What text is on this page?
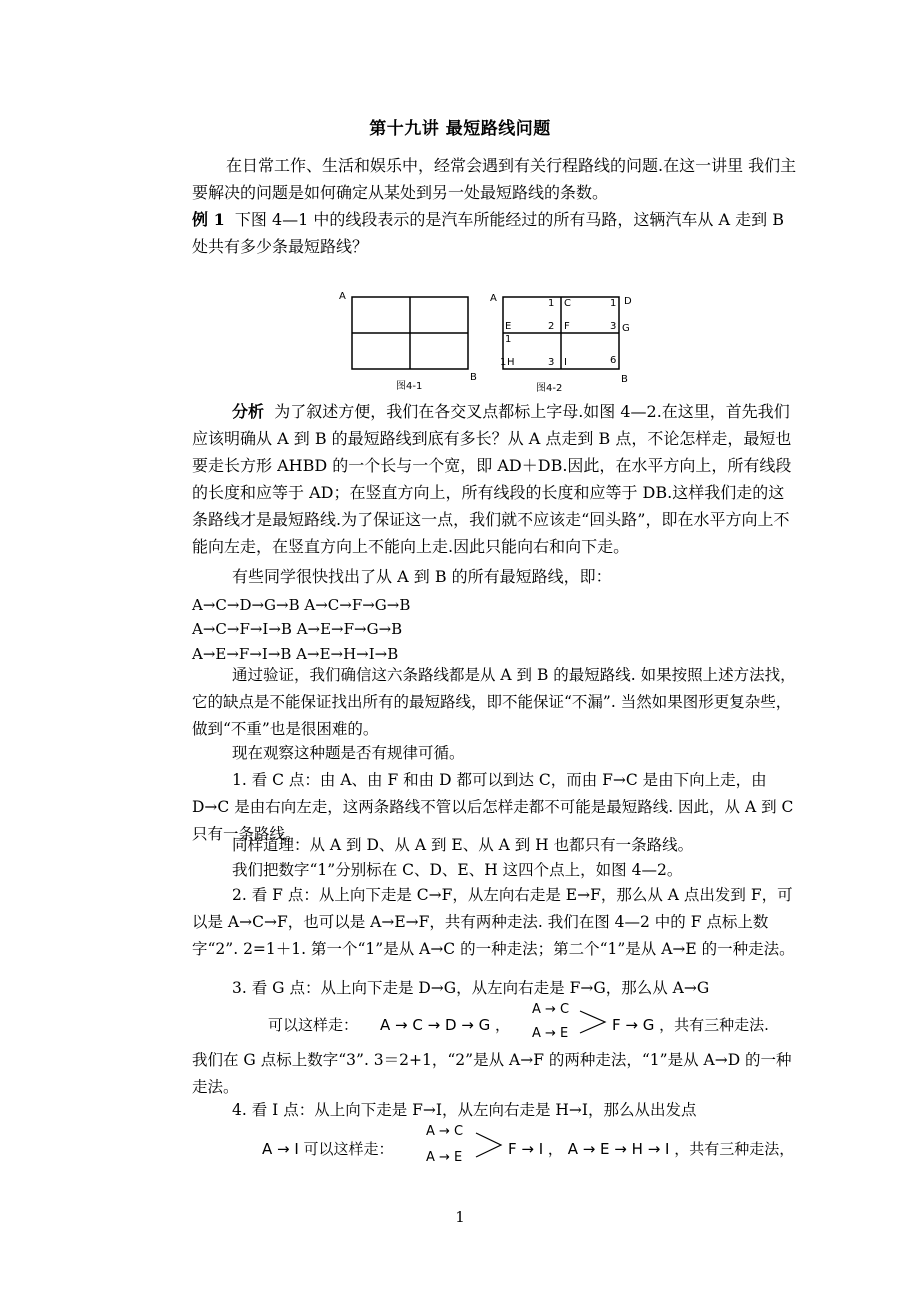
第十九讲 最短路线问题

在日常工作、生活和娱乐中，经常会遇到有关行程路线的问题.在这一讲里 我们主要解决的问题是如何确定从某处到另一处最短路线的条数。

例 1 下图 4—1 中的线段表示的是汽车所能经过的所有马路，这辆汽车从 A 走到 B 处共有多少条最短路线？

A
B
图4-1
A	1 C	1 D
E	2 F	3 G
1
1 H	3 I	6
B
图4-2

分析 为了叙述方便，我们在各交叉点都标上字母.如图 4—2.在这里，首先我们应该明确从 A 到 B 的最短路线到底有多长？从 A 点走到 B 点，不论怎样走，最短也要走长方形 AHBD 的一个长与一个宽，即 AD＋DB.因此，在水平方向上，所有线段的长度和应等于 AD；在竖直方向上，所有线段的长度和应等于 DB.这样我们走的这条路线才是最短路线.为了保证这一点，我们就不应该走“回头路”，即在水平方向上不能向左走，在竖直方向上不能向上走.因此只能向右和向下走。

有些同学很快找出了从 A 到 B 的所有最短路线，即：

A→C→D→G→B A→C→F→G→B
A→C→F→I→B A→E→F→G→B
A→E→F→I→B A→E→H→I→B

通过验证，我们确信这六条路线都是从 A 到 B 的最短路线. 如果按照上述方法找，它的缺点是不能保证找出所有的最短路线，即不能保证“不漏”. 当然如果图形更复杂些，做到“不重”也是很困难的。

现在观察这种题是否有规律可循。

1. 看 C 点：由 A、由 F 和由 D 都可以到达 C，而由 F→C 是由下向上走，由 D→C 是由右向左走，这两条路线不管以后怎样走都不可能是最短路线. 因此，从 A 到 C 只有一条路线。

同样道理：从 A 到 D、从 A 到 E、从 A 到 H 也都只有一条路线。

我们把数字“1”分别标在 C、D、E、H 这四个点上，如图 4—2。

2. 看 F 点：从上向下走是 C→F，从左向右走是 E→F，那么从 A 点出发到 F，可以是 A→C→F，也可以是 A→E→F，共有两种走法. 我们在图 4—2 中的 F 点标上数字“2”. 2=1＋1. 第一个“1”是从 A→C 的一种走法；第二个“1”是从 A→E 的一种走法。

3. 看 G 点：从上向下走是 D→G，从左向右走是 F→G，那么从 A→G

可以这样走： A → C → D → G ，
A → C
A → E	F → G ，共有三种走法.

我们在 G 点标上数字“3”. 3＝2+1，“2”是从 A→F 的两种走法，“1”是从 A→D 的一种走法。

4. 看 I 点：从上向下走是 F→I，从左向右走是 H→I，那么从出发点

A → I 可以这样走：
A → C
A → E	F → I ， A → E → H → I ，共有三种走法，
1
